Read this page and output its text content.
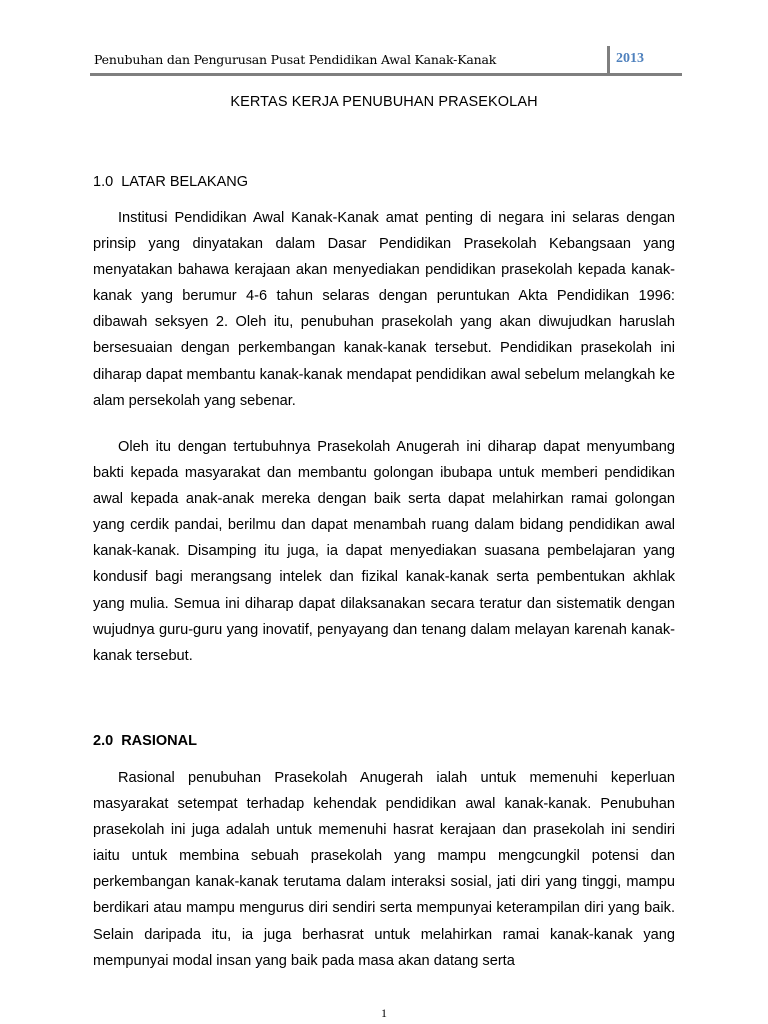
Penubuhan dan Pengurusan Pusat Pendidikan Awal Kanak-Kanak	2013
KERTAS KERJA PENUBUHAN PRASEKOLAH
1.0  LATAR BELAKANG

Institusi Pendidikan Awal Kanak-Kanak amat penting di negara ini selaras dengan prinsip yang dinyatakan dalam Dasar Pendidikan Prasekolah Kebangsaan yang menyatakan bahawa kerajaan akan menyediakan pendidikan prasekolah kepada kanak-kanak yang berumur 4-6 tahun selaras dengan peruntukan Akta Pendidikan 1996: dibawah seksyen 2. Oleh itu, penubuhan prasekolah yang akan diwujudkan haruslah bersesuaian dengan perkembangan kanak-kanak tersebut. Pendidikan prasekolah ini diharap dapat membantu kanak-kanak mendapat pendidikan awal sebelum melangkah ke alam persekolah yang sebenar.

Oleh itu dengan tertubuhnya Prasekolah Anugerah ini diharap dapat menyumbang bakti kepada masyarakat dan membantu golongan ibubapa untuk memberi pendidikan awal kepada anak-anak mereka dengan baik serta dapat melahirkan ramai golongan yang cerdik pandai, berilmu dan dapat menambah ruang dalam bidang pendidikan awal kanak-kanak. Disamping itu juga, ia dapat menyediakan suasana pembelajaran yang kondusif bagi merangsang intelek dan fizikal kanak-kanak serta pembentukan akhlak yang mulia. Semua ini diharap dapat dilaksanakan secara teratur dan sistematik dengan wujudnya guru-guru yang inovatif, penyayang dan tenang dalam melayan karenah kanak-kanak tersebut.

2.0  RASIONAL

Rasional penubuhan Prasekolah Anugerah ialah untuk memenuhi keperluan masyarakat setempat terhadap kehendak pendidikan awal kanak-kanak. Penubuhan prasekolah ini juga adalah untuk memenuhi hasrat kerajaan dan prasekolah ini sendiri iaitu untuk membina sebuah prasekolah yang mampu mengcungkil potensi dan perkembangan kanak-kanak terutama dalam interaksi sosial, jati diri yang tinggi, mampu berdikari atau mampu mengurus diri sendiri serta mempunyai keterampilan diri yang baik. Selain daripada itu, ia juga berhasrat untuk melahirkan ramai kanak-kanak yang mempunyai modal insan yang baik pada masa akan datang serta

1
